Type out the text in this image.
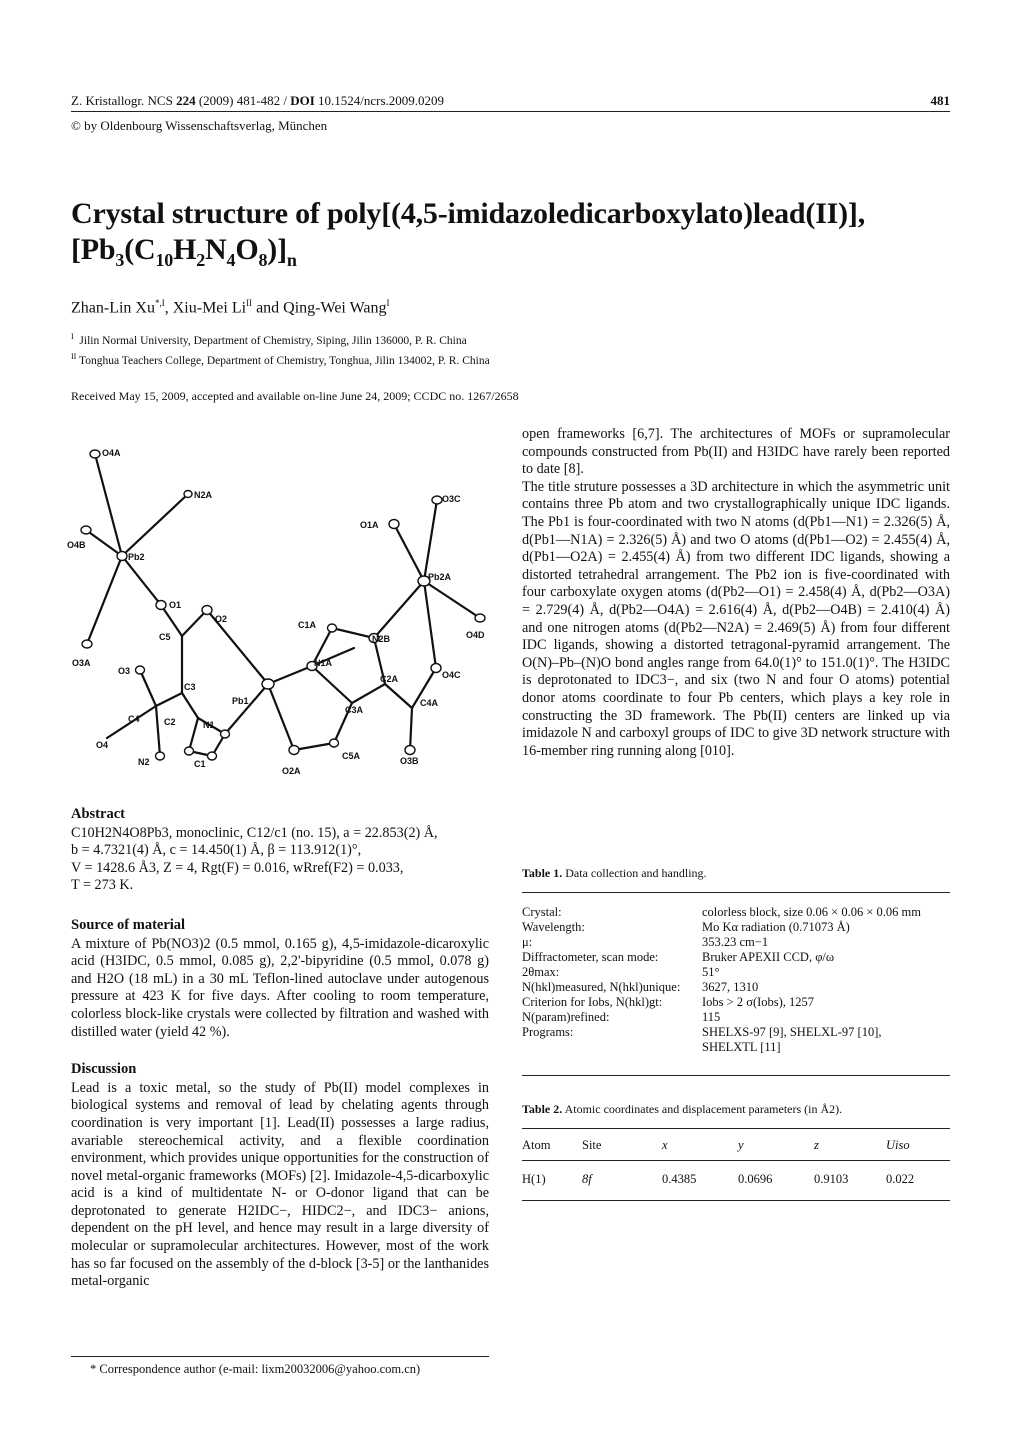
Z. Kristallogr. NCS 224 (2009) 481-482 / DOI 10.1524/ncrs.2009.0209	481
© by Oldenbourg Wissenschaftsverlag, München
Crystal structure of poly[(4,5-imidazoledicarboxylato)lead(II)],
$[Pb_3(C_{10}H_2N_4O_8)]_n$
Zhan-Lin $Xu^{*,I}$, Xiu-Mei $Li^{II}$ and Qing-Wei Wang$^I$
$^I$ Jilin Normal University, Department of Chemistry, Siping, Jilin 136000, P. R. China
$^{II}$ Tonghua Teachers College, Department of Chemistry, Tonghua, Jilin 134002, P. R. China
Received May 15, 2009, accepted and available on-line June 24, 2009; CCDC no. 1267/2658
O4A
N2A
O4B
Pb2
O1
O2
C5
O3A
O3
C3
C4	C2	N1
O4
N2	C1
Pb1
C1A
N1A
O2A
O1A
O3C
Pb2A
O4D
N2B
C2A	O4C
C4A
C3A
C5A	O3B
Abstract
C10H2N4O8Pb3, monoclinic, C12/c1 (no. 15), a = 22.853(2) Å,
b = 4.7321(4) Å, c = 14.450(1) Å, β = 113.912(1)°,
V = 1428.6 Å3, Z = 4, Rgt(F) = 0.016, wRref(F2) = 0.033,
T = 273 K.
Source of material

A mixture of Pb(NO3)2 (0.5 mmol, 0.165 g), 4,5-imidazole-dicaroxylic acid (H3IDC, 0.5 mmol, 0.085 g), 2,2'-bipyridine (0.5 mmol, 0.078 g) and H2O (18 mL) in a 30 mL Teflon-lined autoclave under autogenous pressure at 423 K for five days. After cooling to room temperature, colorless block-like crystals were collected by filtration and washed with distilled water (yield 42 %).

Discussion

Lead is a toxic metal, so the study of Pb(II) model complexes in biological systems and removal of lead by chelating agents through coordination is very important [1]. Lead(II) possesses a large radius, avariable stereochemical activity, and a flexible coordination environment, which provides unique opportunities for the construction of novel metal-organic frameworks (MOFs) [2]. Imidazole-4,5-dicarboxylic acid is a kind of multidentate N- or O-donor ligand that can be deprotonated to generate H2IDC−, HIDC2−, and IDC3− anions, dependent on the pH level, and hence may result in a large diversity of molecular or supramolecular architectures. However, most of the work has so far focused on the assembly of the d-block [3-5] or the lanthanides metal-organic

* Correspondence author (e-mail: lixm20032006@yahoo.com.cn)

open frameworks [6,7]. The architectures of MOFs or supramolecular compounds constructed from Pb(II) and H3IDC have rarely been reported to date [8].

The title struture possesses a 3D architecture in which the asymmetric unit contains three Pb atom and two crystallographically unique IDC ligands. The Pb1 is four-coordinated with two N atoms (d(Pb1—N1) = 2.326(5) Å, d(Pb1—N1A) = 2.326(5) Å) and two O atoms (d(Pb1—O2) = 2.455(4) Å, d(Pb1—O2A) = 2.455(4) Å) from two different IDC ligands, showing a distorted tetrahedral arrangement. The Pb2 ion is five-coordinated with four carboxylate oxygen atoms (d(Pb2—O1) = 2.458(4) Å, d(Pb2—O3A) = 2.729(4) Å, d(Pb2—O4A) = 2.616(4) Å, d(Pb2—O4B) = 2.410(4) Å) and one nitrogen atoms (d(Pb2—N2A) = 2.469(5) Å) from four different IDC ligands, showing a distorted tetragonal-pyramid arrangement. The O(N)–Pb–(N)O bond angles range from 64.0(1)° to 151.0(1)°. The H3IDC is deprotonated to IDC3−, and six (two N and four O atoms) potential donor atoms coordinate to four Pb centers, which plays a key role in constructing the 3D framework. The Pb(II) centers are linked up via imidazole N and carboxyl groups of IDC to give 3D network structure with 16-member ring running along [010].

Table 1. Data collection and handling.
Crystal:	colorless block, size 0.06 × 0.06 × 0.06 mm
Wavelength:	Mo Kα radiation (0.71073 Å)
μ:	353.23 cm−1
Diffractometer, scan mode:	Bruker APEXII CCD, φ/ω
2θmax:	51°
N(hkl)measured, N(hkl)unique:	3627, 1310
Criterion for Iobs, N(hkl)gt:	Iobs > 2 σ(Iobs), 1257
N(param)refined:	115
Programs:	SHELXS-97 [9], SHELXL-97 [10],
	SHELXTL [11]
Table 2. Atomic coordinates and displacement parameters (in Å2).
Atom	Site	x	y	z	Uiso
H(1)	8f	0.4385	0.0696	0.9103	0.022
